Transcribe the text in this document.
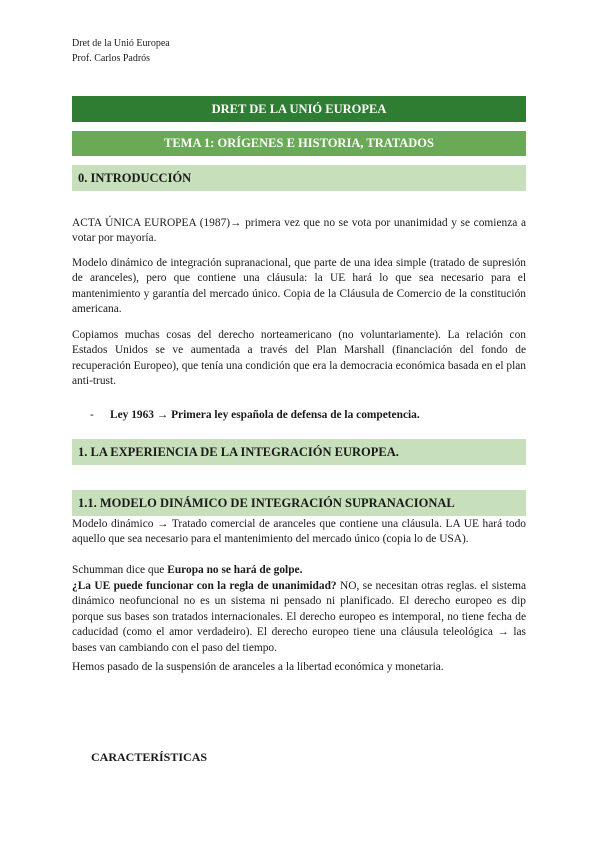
Dret de la Unió Europea
Prof. Carlos Padrós
DRET DE LA UNIÓ EUROPEA
TEMA 1: ORÍGENES E HISTORIA, TRATADOS
0. INTRODUCCIÓN

ACTA ÚNICA EUROPEA (1987)→ primera vez que no se vota por unanimidad y se comienza a votar por mayoría.

Modelo dinámico de integración supranacional, que parte de una idea simple (tratado de supresión de aranceles), pero que contiene una cláusula: la UE hará lo que sea necesario para el mantenimiento y garantía del mercado único. Copia de la Cláusula de Comercio de la constitución americana.

Copiamos muchas cosas del derecho norteamericano (no voluntariamente). La relación con Estados Unidos se ve aumentada a través del Plan Marshall (financiación del fondo de recuperación Europeo), que tenía una condición que era la democracia económica basada en el plan anti-trust.

- Ley 1963 → Primera ley española de defensa de la competencia.
1. LA EXPERIENCIA DE LA INTEGRACIÓN EUROPEA.
1.1. MODELO DINÁMICO DE INTEGRACIÓN SUPRANACIONAL

Modelo dinámico → Tratado comercial de aranceles que contiene una cláusula. LA UE hará todo aquello que sea necesario para el mantenimiento del mercado único (copia lo de USA).

Schumman dice que Europa no se hará de golpe.

¿La UE puede funcionar con la regla de unanimidad? NO, se necesitan otras reglas. el sistema dinámico neofuncional no es un sistema ni pensado ni planificado. El derecho europeo es dip porque sus bases son tratados internacionales. El derecho europeo es intemporal, no tiene fecha de caducidad (como el amor verdadeiro). El derecho europeo tiene una cláusula teleológica → las bases van cambiando con el paso del tiempo.

Hemos pasado de la suspensión de aranceles a la libertad económica y monetaria.

CARACTERÍSTICAS
